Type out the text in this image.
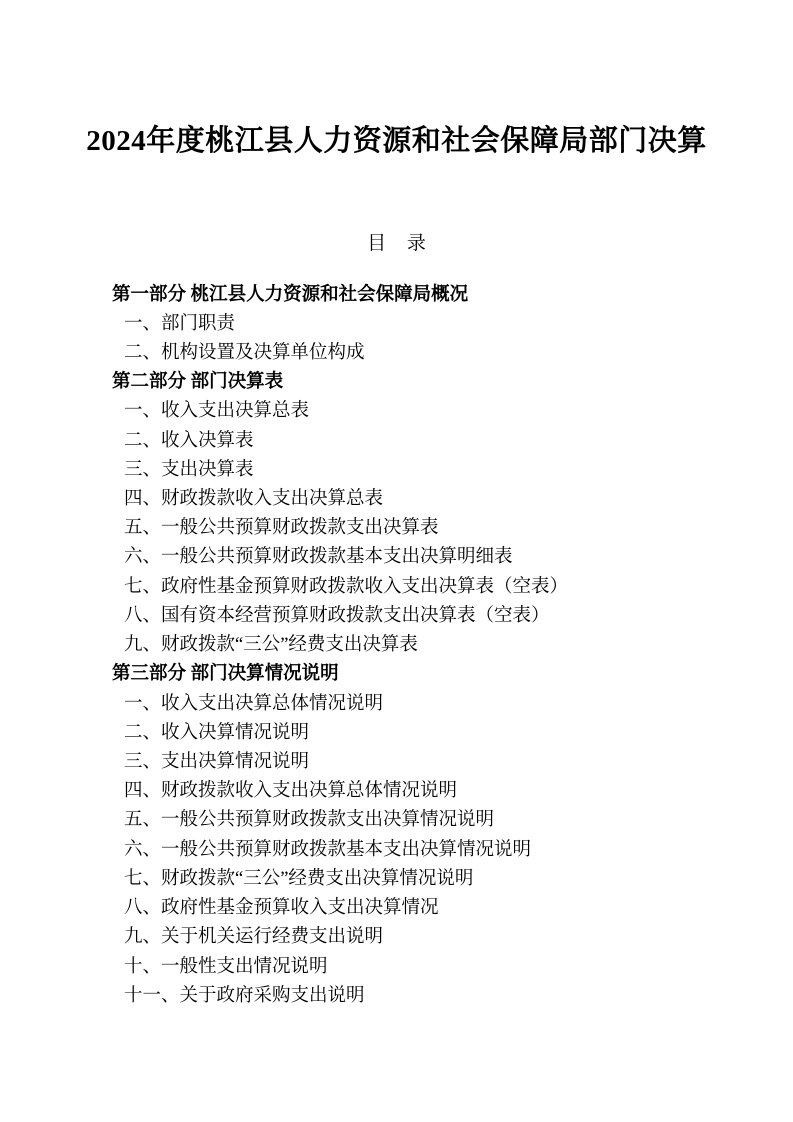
2024年度桃江县人力资源和社会保障局部门决算
目 录
第一部分 桃江县人力资源和社会保障局概况
一、部门职责
二、机构设置及决算单位构成
第二部分 部门决算表
一、收入支出决算总表
二、收入决算表
三、支出决算表
四、财政拨款收入支出决算总表
五、一般公共预算财政拨款支出决算表
六、一般公共预算财政拨款基本支出决算明细表
七、政府性基金预算财政拨款收入支出决算表（空表）
八、国有资本经营预算财政拨款支出决算表（空表）
九、财政拨款“三公”经费支出决算表
第三部分 部门决算情况说明
一、收入支出决算总体情况说明
二、收入决算情况说明
三、支出决算情况说明
四、财政拨款收入支出决算总体情况说明
五、一般公共预算财政拨款支出决算情况说明
六、一般公共预算财政拨款基本支出决算情况说明
七、财政拨款“三公”经费支出决算情况说明
八、政府性基金预算收入支出决算情况
九、关于机关运行经费支出说明
十、一般性支出情况说明
十一、关于政府采购支出说明
